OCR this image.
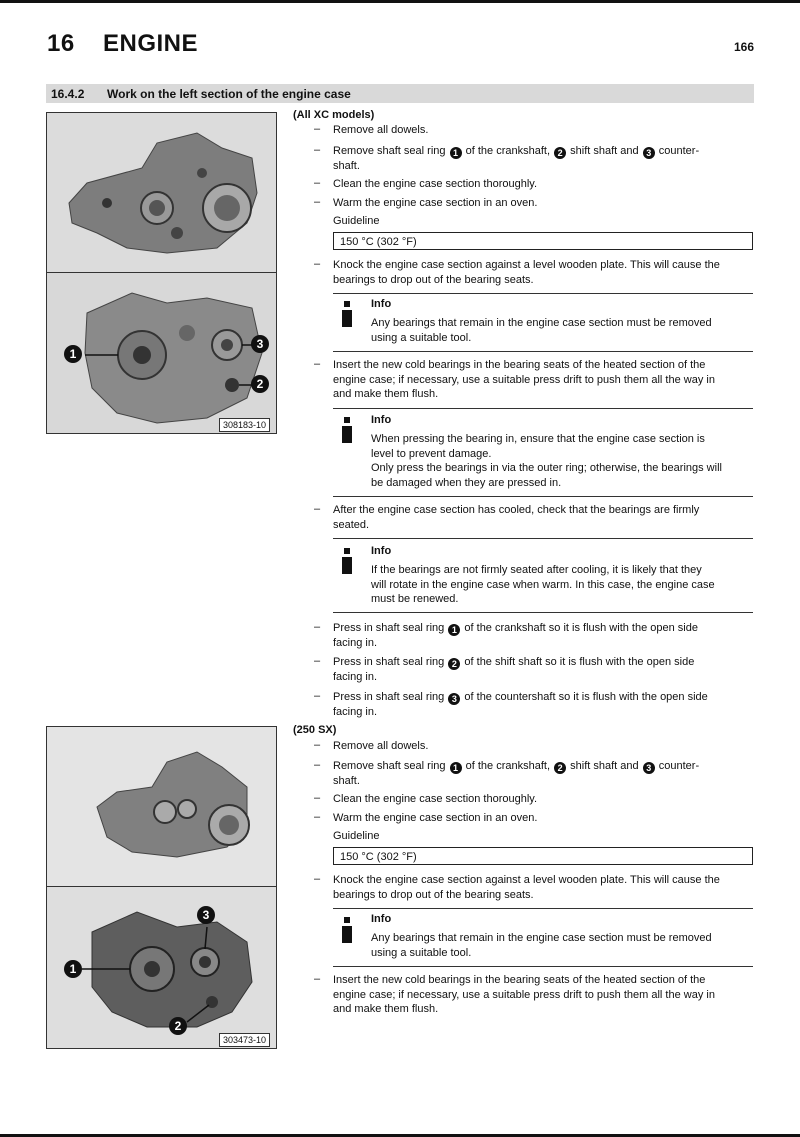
16 ENGINE	166
16.4.2 Work on the left section of the engine case
1
3
2
308183-10
1
3
2
303473-10
(All XC models)
– Remove all dowels.
– Remove shaft seal ring 1 of the crankshaft, 2 shift shaft and 3 counter-
shaft.
– Clean the engine case section thoroughly.
– Warm the engine case section in an oven.
Guideline
150 °C (302 °F)
– Knock the engine case section against a level wooden plate. This will cause the
bearings to drop out of the bearing seats.
Info
Any bearings that remain in the engine case section must be removed
using a suitable tool.
– Insert the new cold bearings in the bearing seats of the heated section of the
engine case; if necessary, use a suitable press drift to push them all the way in
and make them flush.
Info
When pressing the bearing in, ensure that the engine case section is
level to prevent damage.
Only press the bearings in via the outer ring; otherwise, the bearings will
be damaged when they are pressed in.
– After the engine case section has cooled, check that the bearings are firmly
seated.
Info
If the bearings are not firmly seated after cooling, it is likely that they
will rotate in the engine case when warm. In this case, the engine case
must be renewed.
– Press in shaft seal ring 1 of the crankshaft so it is flush with the open side
facing in.
– Press in shaft seal ring 2 of the shift shaft so it is flush with the open side
facing in.
– Press in shaft seal ring 3 of the countershaft so it is flush with the open side
facing in.
(250 SX)
– Remove all dowels.
– Remove shaft seal ring 1 of the crankshaft, 2 shift shaft and 3 counter-
shaft.
– Clean the engine case section thoroughly.
– Warm the engine case section in an oven.
Guideline
150 °C (302 °F)
– Knock the engine case section against a level wooden plate. This will cause the
bearings to drop out of the bearing seats.
Info
Any bearings that remain in the engine case section must be removed
using a suitable tool.
– Insert the new cold bearings in the bearing seats of the heated section of the
engine case; if necessary, use a suitable press drift to push them all the way in
and make them flush.
